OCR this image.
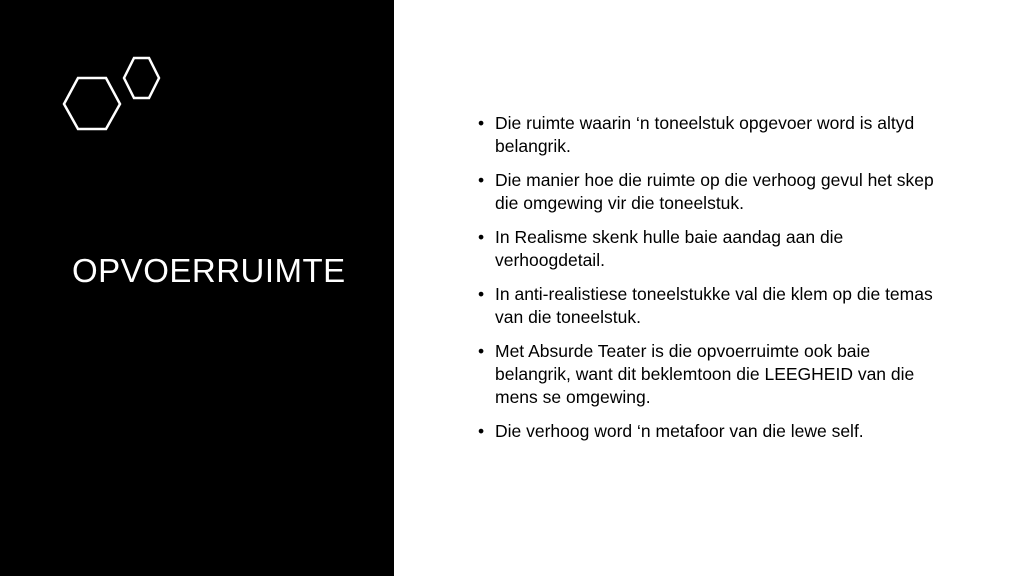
OPVOERRUIMTE
• Die ruimte waarin ‘n toneelstuk opgevoer word is altyd belangrik.
• Die manier hoe die ruimte op die verhoog gevul het skep die omgewing vir die toneelstuk.
• In Realisme skenk hulle baie aandag aan die verhoogdetail.
• In anti-realistiese toneelstukke val die klem op die temas van die toneelstuk.
• Met Absurde Teater is die opvoerruimte ook baie belangrik, want dit beklemtoon die LEEGHEID van die mens se omgewing.
• Die verhoog word ‘n metafoor van die lewe self.
